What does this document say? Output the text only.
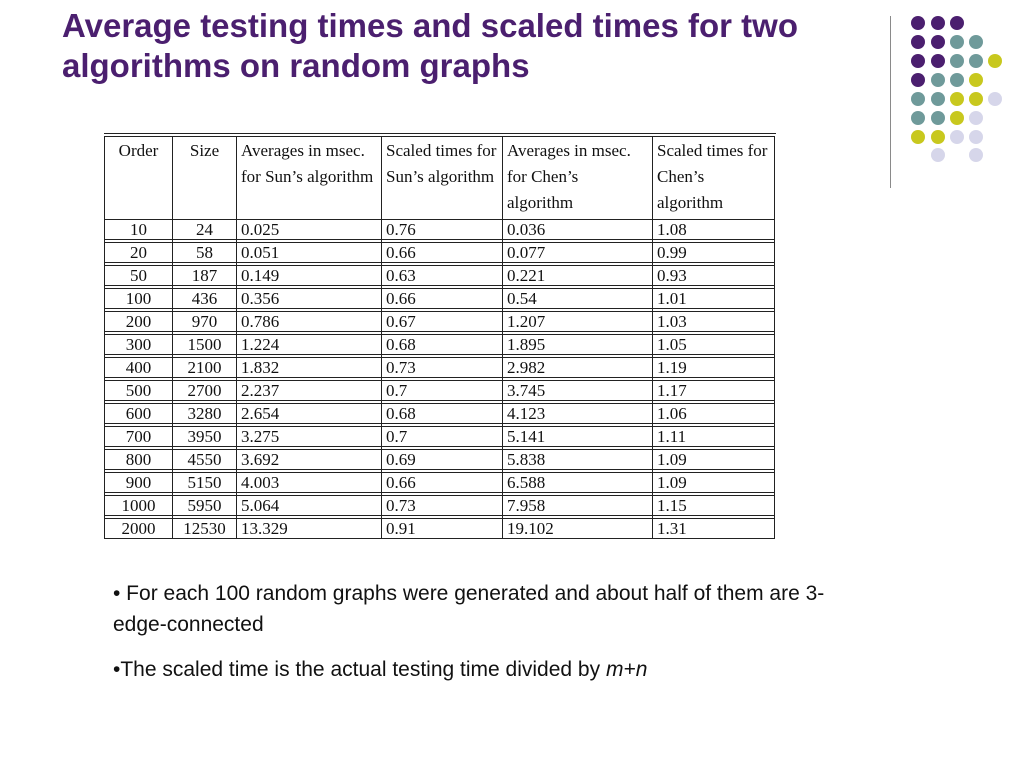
Average testing times and scaled times for two algorithms on random graphs
Order	Size	Averages in msec. for Sun’s algorithm	Scaled times for Sun’s algorithm	Averages in msec. for Chen’s algorithm	Scaled times for Chen’s algorithm

10	24	0.025	0.76	0.036	1.08

20	58	0.051	0.66	0.077	0.99

50	187	0.149	0.63	0.221	0.93

100	436	0.356	0.66	0.54	1.01

200	970	0.786	0.67	1.207	1.03

300	1500	1.224	0.68	1.895	1.05

400	2100	1.832	0.73	2.982	1.19

500	2700	2.237	0.7	3.745	1.17

600	3280	2.654	0.68	4.123	1.06

700	3950	3.275	0.7	5.141	1.11

800	4550	3.692	0.69	5.838	1.09

900	5150	4.003	0.66	6.588	1.09

1000	5950	5.064	0.73	7.958	1.15

2000	12530	13.329	0.91	19.102	1.31

• For each 100 random graphs were generated and about half of them are 3-edge-connected

•The scaled time is the actual testing time divided by m+n
